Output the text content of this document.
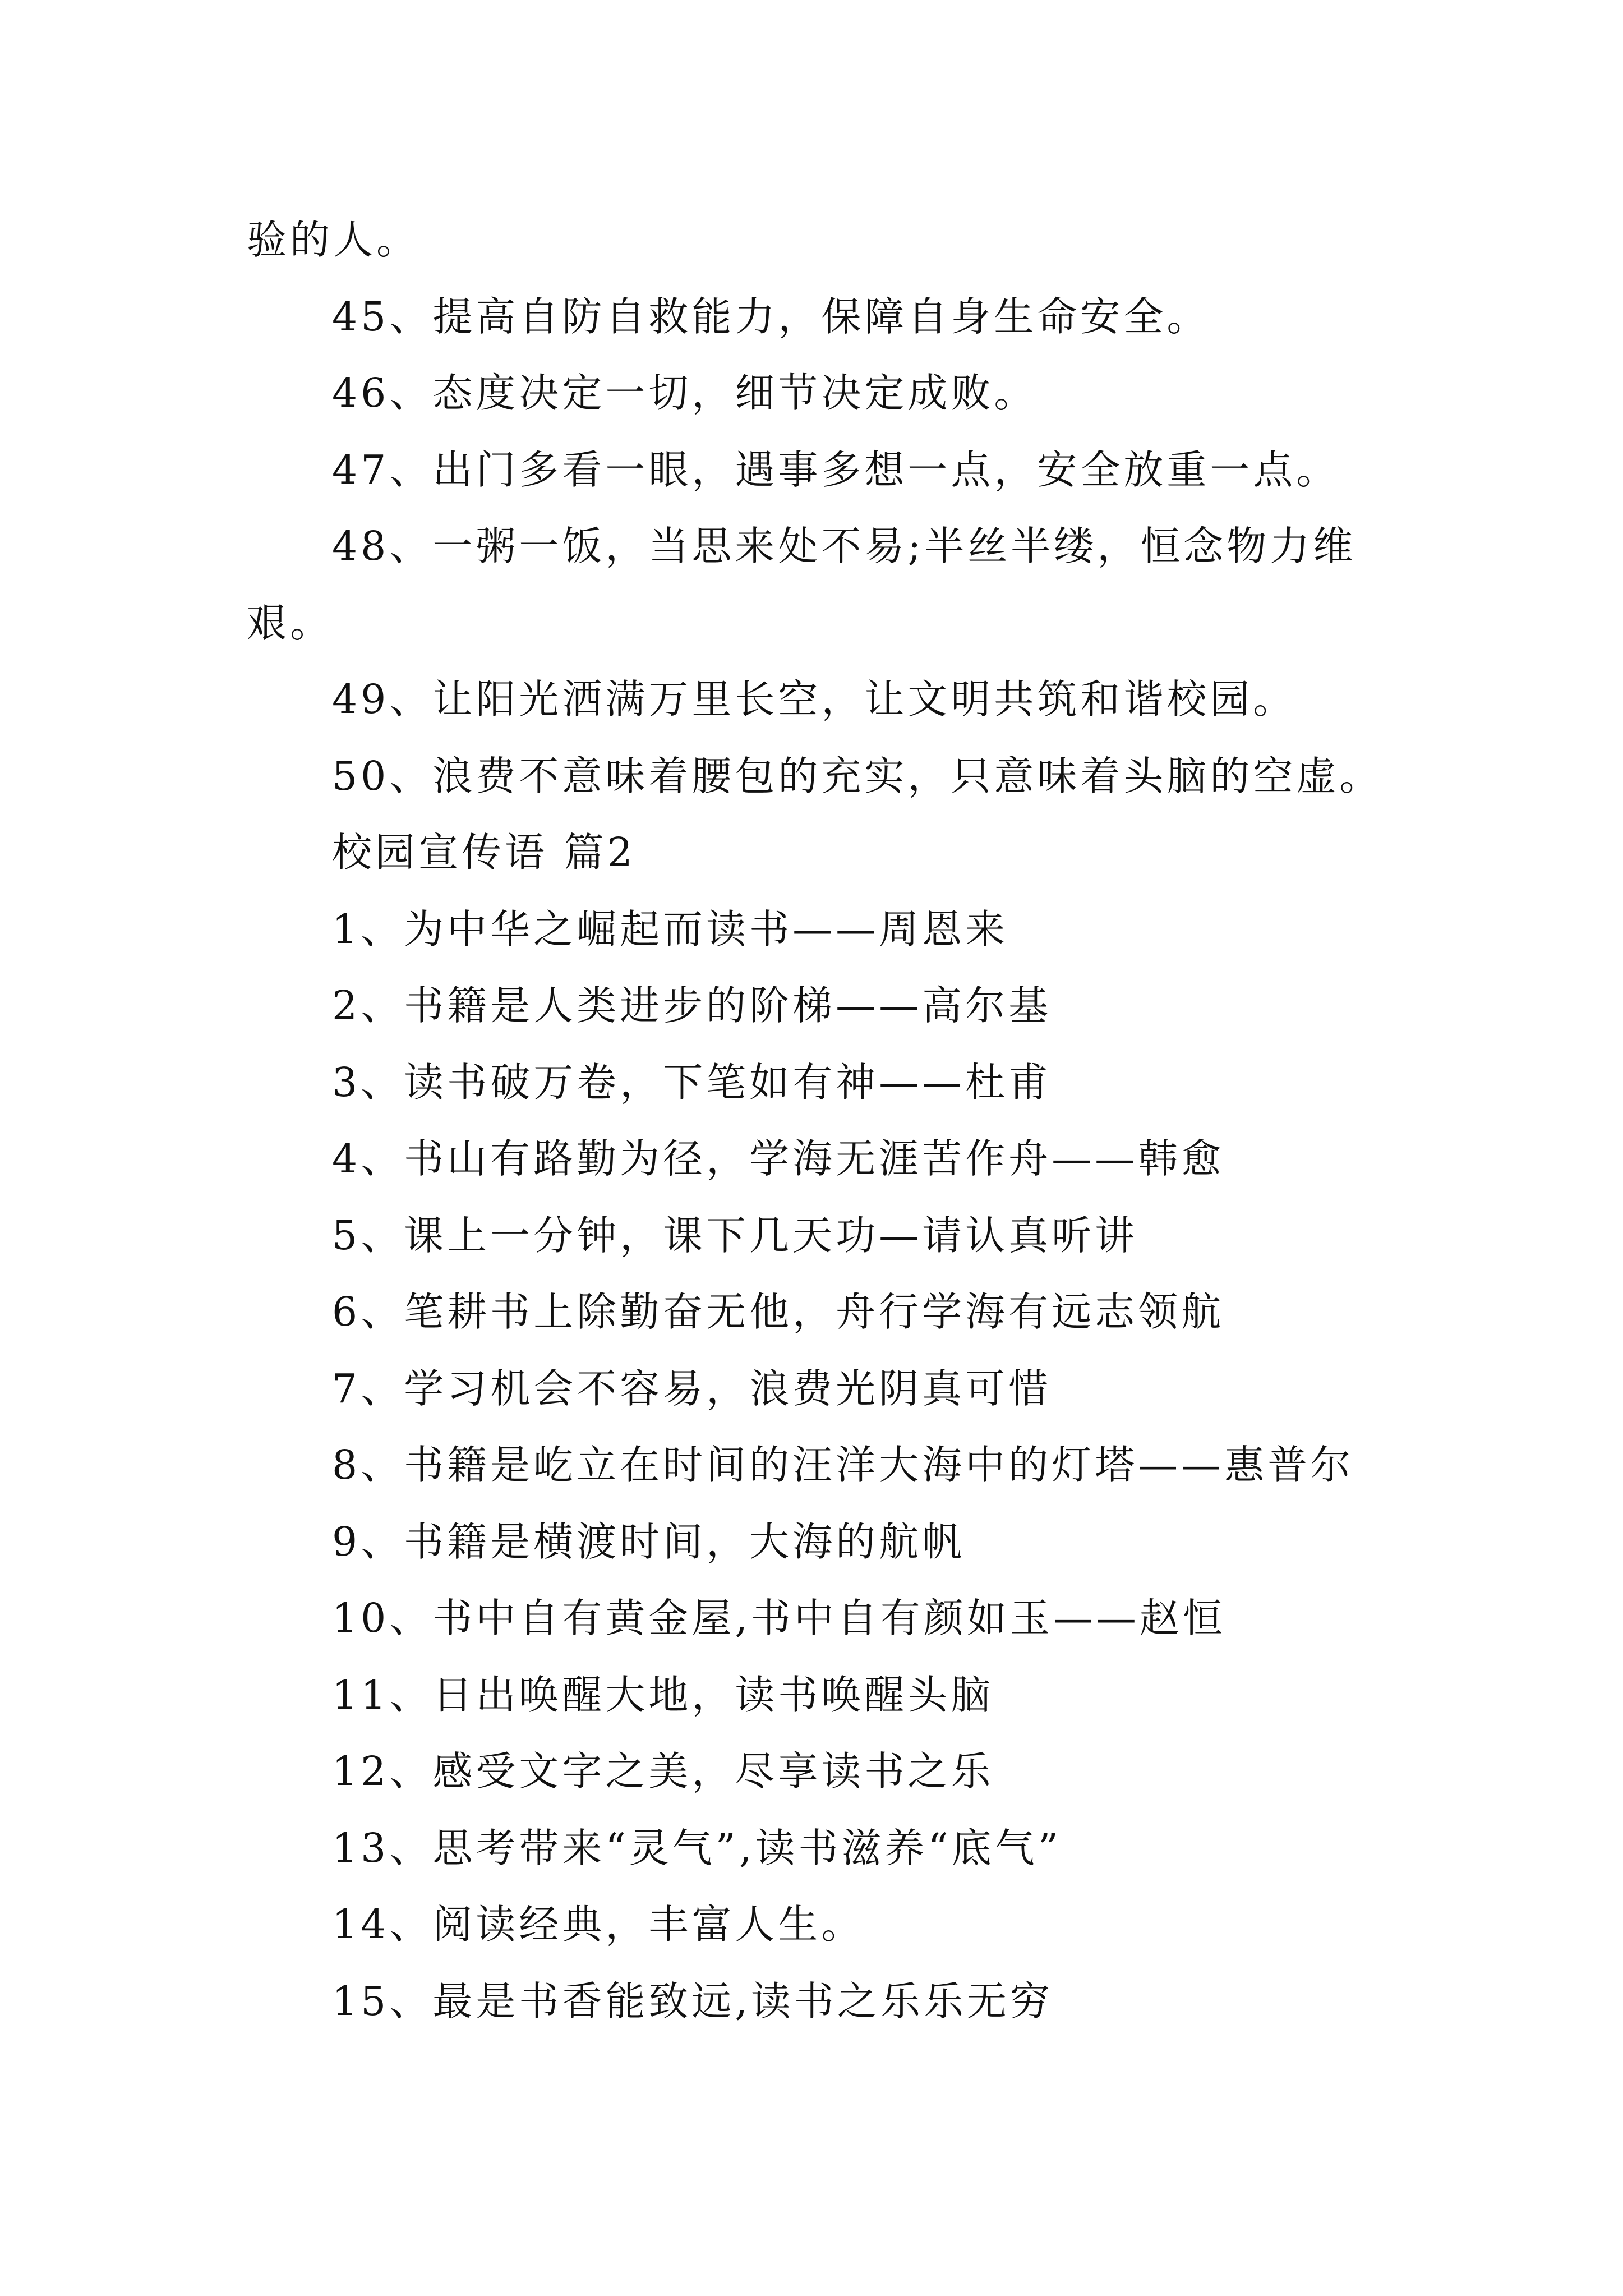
验的人。

45、提高自防自救能力，保障自身生命安全。

46、态度决定一切，细节决定成败。

47、出门多看一眼，遇事多想一点，安全放重一点。

48、一粥一饭，当思来处不易;半丝半缕，恒念物力维

艰。

49、让阳光洒满万里长空，让文明共筑和谐校园。

50、浪费不意味着腰包的充实，只意味着头脑的空虚。

校园宣传语 篇2

1、为中华之崛起而读书——周恩来

2、书籍是人类进步的阶梯——高尔基

3、读书破万卷，下笔如有神——杜甫

4、书山有路勤为径，学海无涯苦作舟——韩愈

5、课上一分钟，课下几天功—请认真听讲

6、笔耕书上除勤奋无他，舟行学海有远志领航

7、学习机会不容易，浪费光阴真可惜

8、书籍是屹立在时间的汪洋大海中的灯塔——惠普尔

9、书籍是横渡时间，大海的航帆

10、书中自有黄金屋,书中自有颜如玉——赵恒

11、日出唤醒大地，读书唤醒头脑

12、感受文字之美，尽享读书之乐

13、思考带来“灵气”,读书滋养“底气”

14、阅读经典，丰富人生。

15、最是书香能致远,读书之乐乐无穷
